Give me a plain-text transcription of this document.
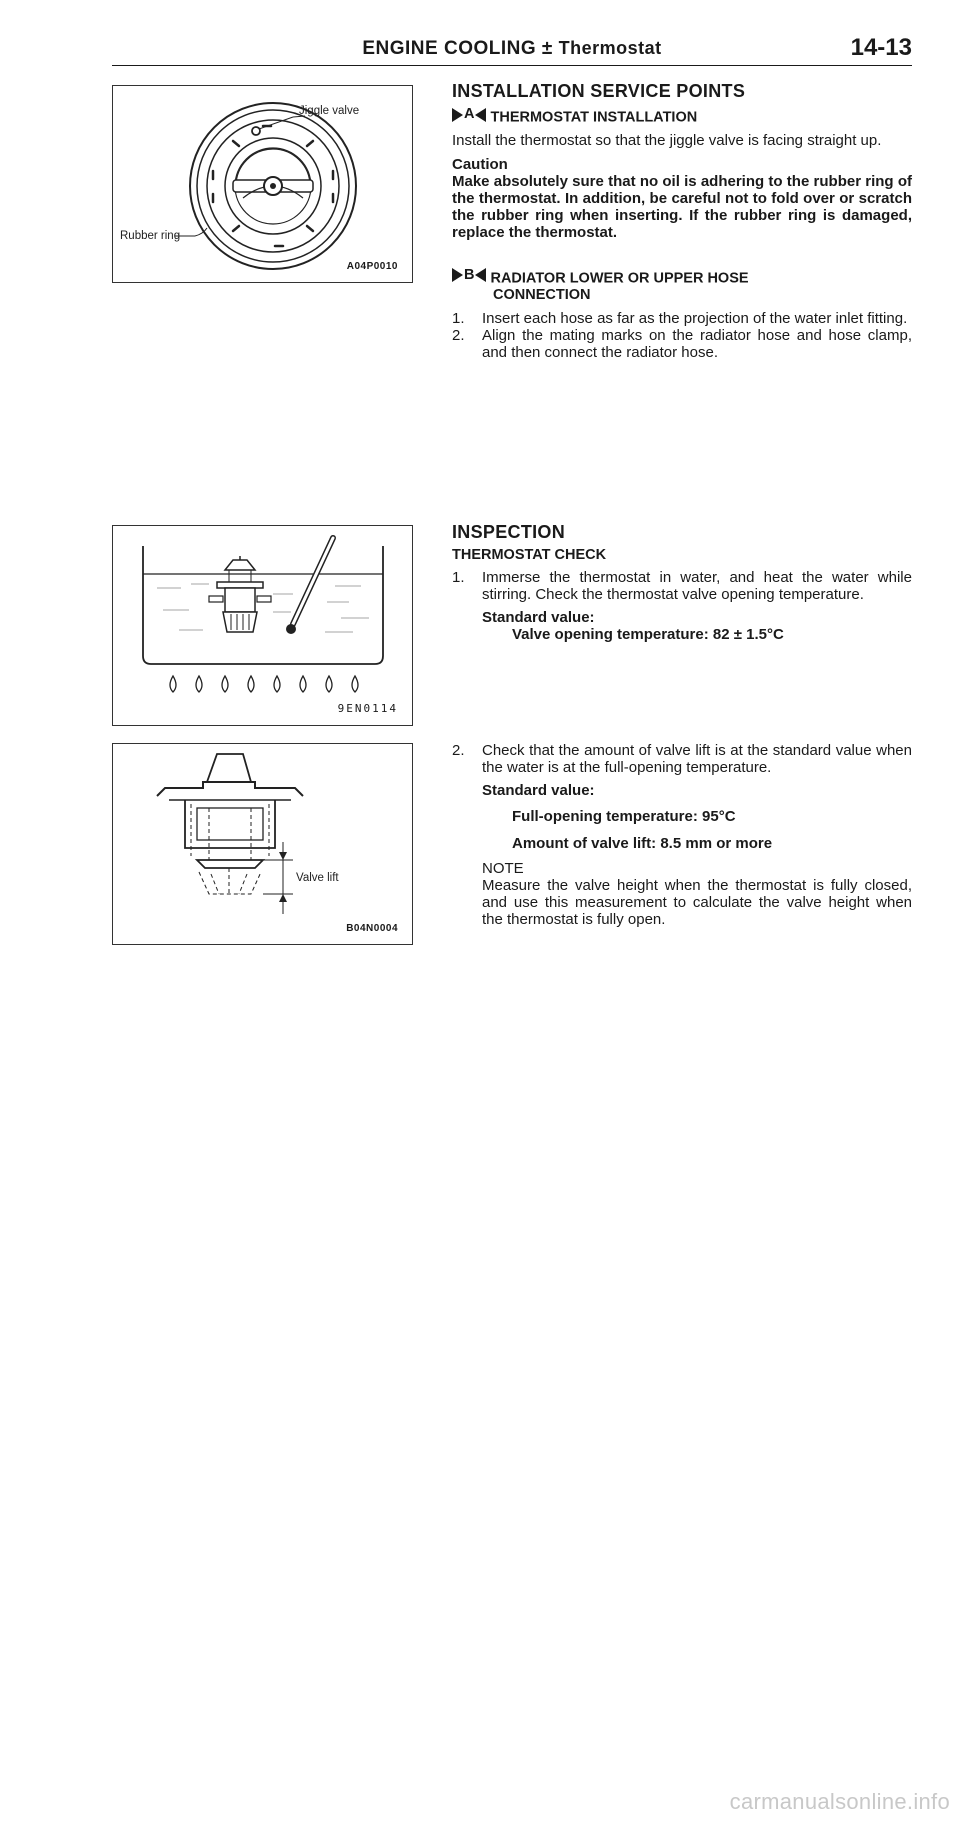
ENGINE COOLING ± Thermostat	14-13
Jiggle valve
Rubber ring
A04P0010
9EN0114
Valve lift
B04N0004
INSTALLATION SERVICE POINTS
A THERMOSTAT INSTALLATION

Install the thermostat so that the jiggle valve is facing straight up.

Caution

Make absolutely sure that no oil is adhering to the rubber ring of the thermostat. In addition, be careful not to fold over or scratch the rubber ring when inserting. If the rubber ring is damaged, replace the thermostat.

B RADIATOR LOWER OR UPPER HOSE
CONNECTION
1. Insert each hose as far as the projection of the water inlet fitting.

2. Align the mating marks on the radiator hose and hose clamp, and then connect the radiator hose.

INSPECTION
THERMOSTAT CHECK
1. Immerse the thermostat in water, and heat the water while stirring. Check the thermostat valve opening temperature.

Standard value:

Valve opening temperature: 82 ± 1.5°C

2. Check that the amount of valve lift is at the standard value when the water is at the full-opening temperature.

Standard value:

Full-opening temperature: 95°C

Amount of valve lift: 8.5 mm or more

NOTE

Measure the valve height when the thermostat is fully closed, and use this measurement to calculate the valve height when the thermostat is fully open.

carmanualsonline.info
